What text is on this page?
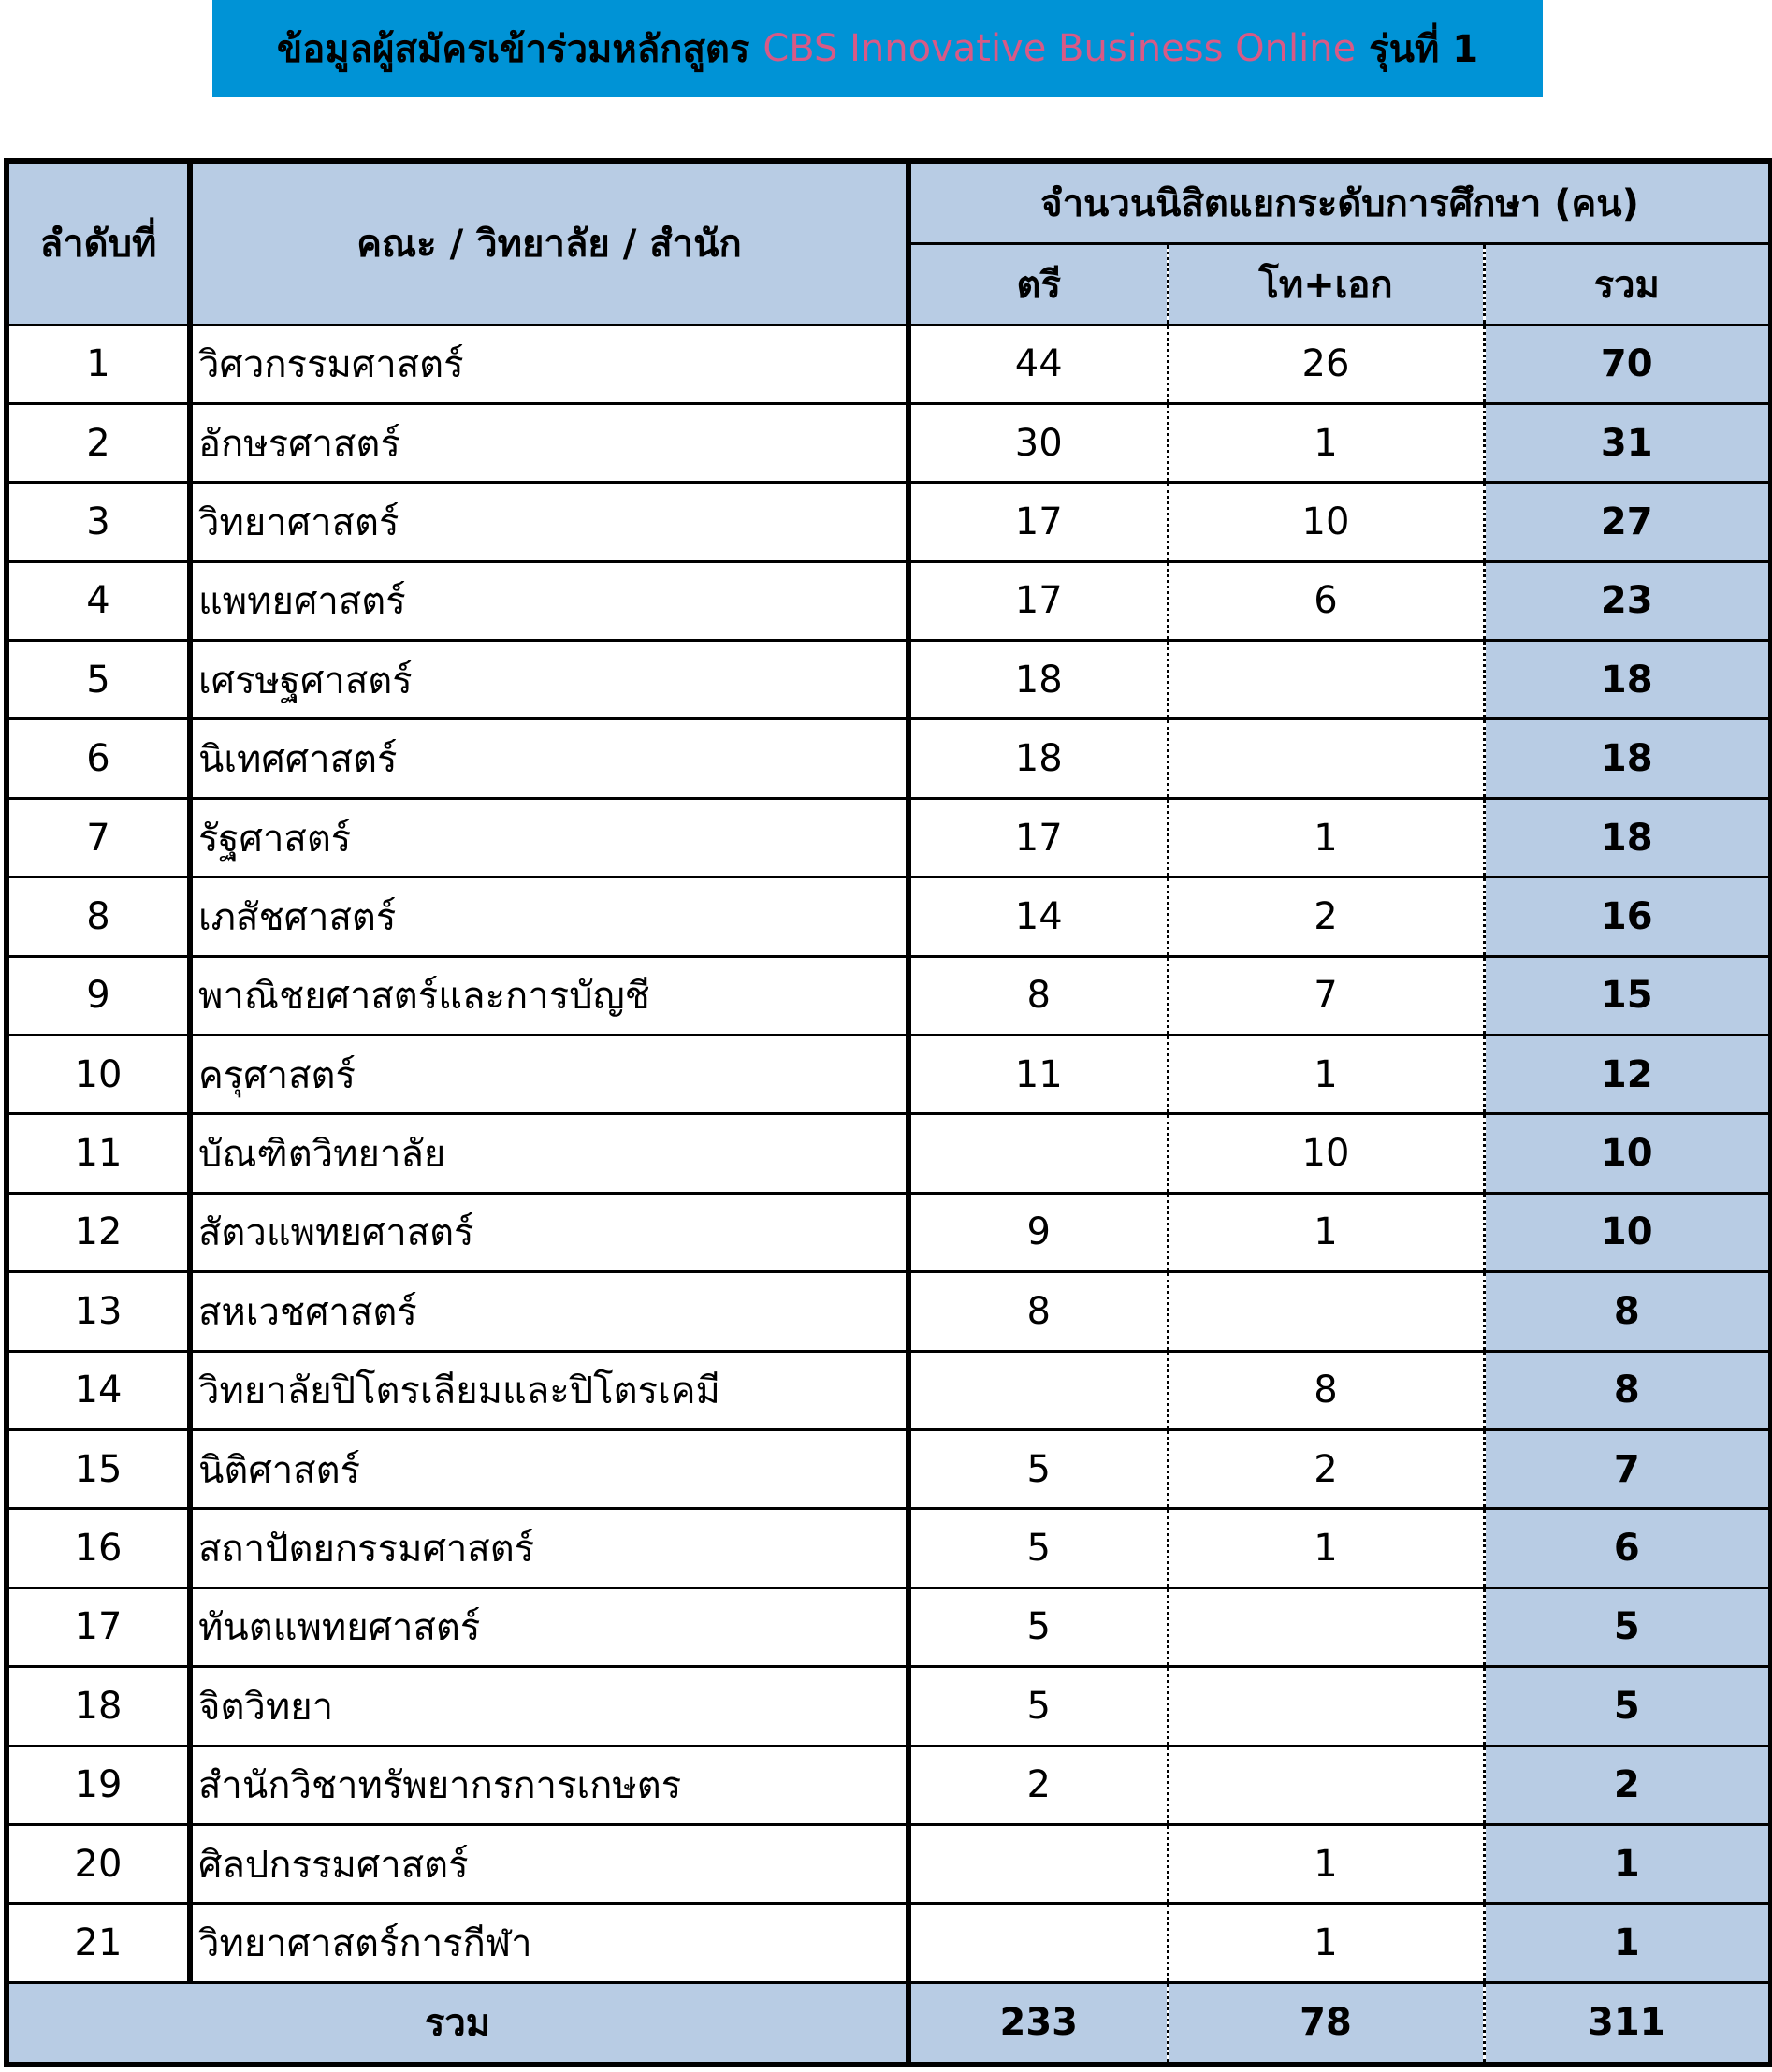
ข้อมูลผู้สมัครเข้าร่วมหลักสูตร
CBS Innovative Business Online
รุ่นที่ 1
ลำดับที่	คณะ / วิทยาลัย / สำนัก	จำนวนนิสิตแยกระดับการศึกษา (คน)		
		ตรี	โท+เอก	รวม
1	วิศวกรรมศาสตร์	44	26	70
2	อักษรศาสตร์	30	1	31
3	วิทยาศาสตร์	17	10	27
4	แพทยศาสตร์	17	6	23
5	เศรษฐศาสตร์	18		18
6	นิเทศศาสตร์	18		18
7	รัฐศาสตร์	17	1	18
8	เภสัชศาสตร์	14	2	16
9	พาณิชยศาสตร์และการบัญชี	8	7	15
10	ครุศาสตร์	11	1	12
11	บัณฑิตวิทยาลัย		10	10
12	สัตวแพทยศาสตร์	9	1	10
13	สหเวชศาสตร์	8		8
14	วิทยาลัยปิโตรเลียมและปิโตรเคมี		8	8
15	นิติศาสตร์	5	2	7
16	สถาปัตยกรรมศาสตร์	5	1	6
17	ทันตแพทยศาสตร์	5		5
18	จิตวิทยา	5		5
19	สำนักวิชาทรัพยากรการเกษตร	2		2
20	ศิลปกรรมศาสตร์		1	1
21	วิทยาศาสตร์การกีฬา		1	1
รวม		233	78	311
